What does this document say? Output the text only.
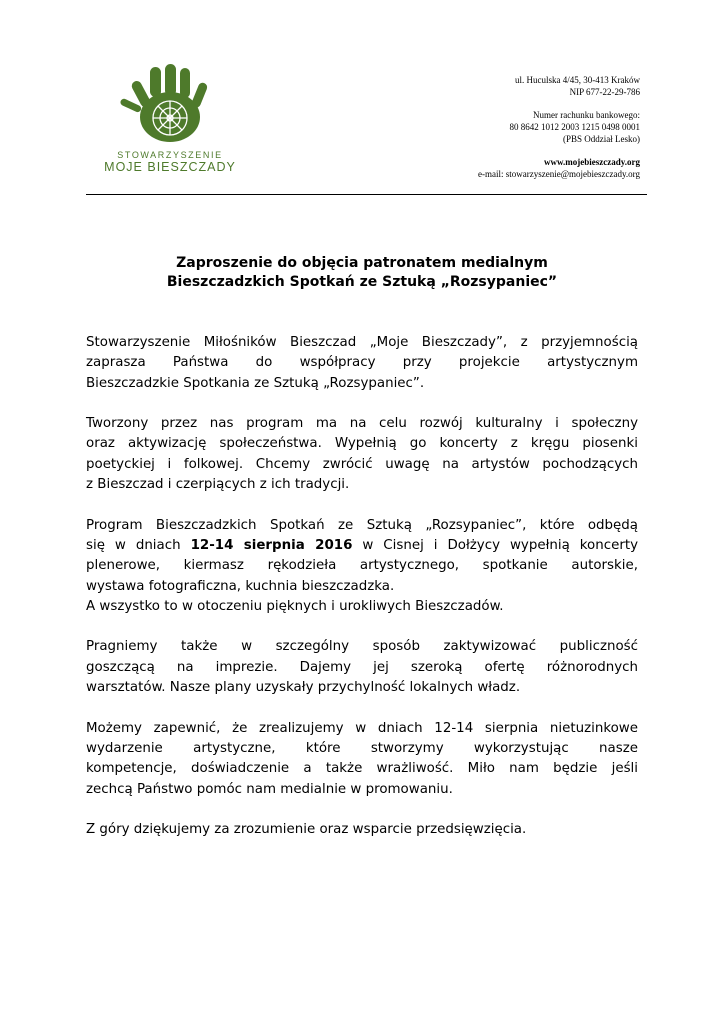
STOWARZYSZENIE
MOJE BIESZCZADY
ul. Huculska 4/45, 30-413 Kraków
NIP 677-22-29-786
Numer rachunku bankowego:
80 8642 1012 2003 1215 0498 0001
(PBS Oddział Lesko)
www.mojebieszczady.org
e-mail: stowarzyszenie@mojebieszczady.org
Zaproszenie do objęcia patronatem medialnym
Bieszczadzkich Spotkań ze Sztuką „Rozsypaniec”
Stowarzyszenie Miłośników Bieszczad „Moje Bieszczady”, z przyjemnością
zaprasza Państwa do współpracy przy projekcie artystycznym
Bieszczadzkie Spotkania ze Sztuką „Rozsypaniec”.
Tworzony przez nas program ma na celu rozwój kulturalny i społeczny
oraz aktywizację społeczeństwa. Wypełnią go koncerty z kręgu piosenki
poetyckiej i folkowej. Chcemy zwrócić uwagę na artystów pochodzących
z Bieszczad i czerpiących z ich tradycji.
Program Bieszczadzkich Spotkań ze Sztuką „Rozsypaniec”, które odbędą
się w dniach 12-14 sierpnia 2016 w Cisnej i Dołżycy wypełnią koncerty
plenerowe, kiermasz rękodzieła artystycznego, spotkanie autorskie,
wystawa fotograficzna, kuchnia bieszczadzka.
A wszystko to w otoczeniu pięknych i urokliwych Bieszczadów.
Pragniemy także w szczególny sposób zaktywizować publiczność
goszczącą na imprezie. Dajemy jej szeroką ofertę różnorodnych
warsztatów. Nasze plany uzyskały przychylność lokalnych władz.
Możemy zapewnić, że zrealizujemy w dniach 12-14 sierpnia nietuzinkowe
wydarzenie artystyczne, które stworzymy wykorzystując nasze
kompetencje, doświadczenie a także wrażliwość. Miło nam będzie jeśli
zechcą Państwo pomóc nam medialnie w promowaniu.
Z góry dziękujemy za zrozumienie oraz wsparcie przedsięwzięcia.
